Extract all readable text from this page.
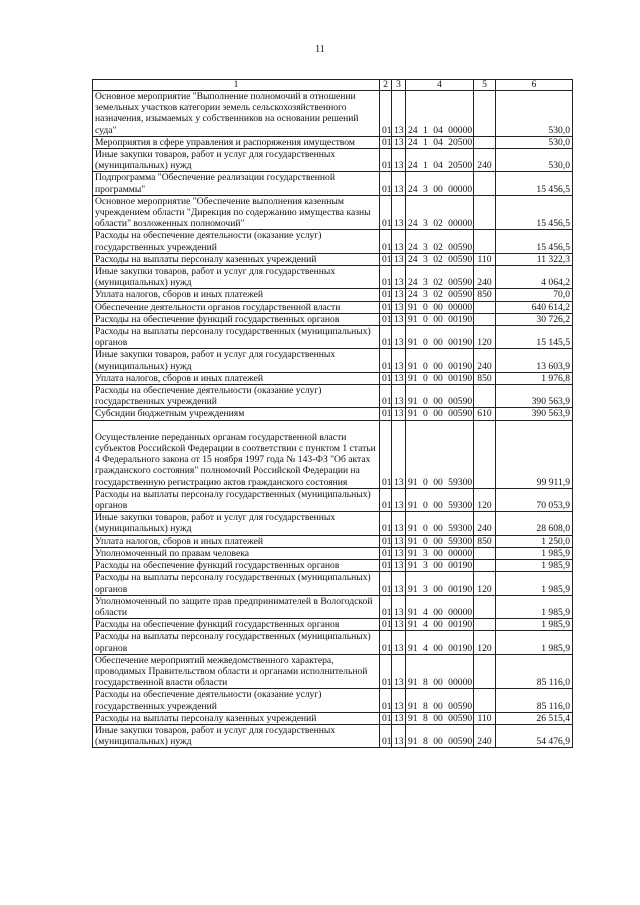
11
1	2	3	4	5	6
Основное мероприятие "Выполнение полномочий в отношении земельных участков категории земель сельскохозяйственного назначения, изымаемых у собственников на основании решений суда"	01	13	24 1 04 00000		530,0
Мероприятия в сфере управления и распоряжения имуществом	01	13	24 1 04 20500		530,0
Иные закупки товаров, работ и услуг для государственных (муниципальных) нужд	01	13	24 1 04 20500	240	530,0
Подпрограмма "Обеспечение реализации государственной программы"	01	13	24 3 00 00000		15 456,5
Основное мероприятие "Обеспечение выполнения казенным учреждением области "Дирекция по содержанию имущества казны области" возложенных полномочий"	01	13	24 3 02 00000		15 456,5
Расходы на обеспечение деятельности (оказание услуг) государственных учреждений	01	13	24 3 02 00590		15 456,5
Расходы на выплаты персоналу казенных учреждений	01	13	24 3 02 00590	110	11 322,3
Иные закупки товаров, работ и услуг для государственных (муниципальных) нужд	01	13	24 3 02 00590	240	4 064,2
Уплата налогов, сборов и иных платежей	01	13	24 3 02 00590	850	70,0
Обеспечение деятельности органов государственной власти	01	13	91 0 00 00000		640 614,2
Расходы на обеспечение функций государственных органов	01	13	91 0 00 00190		30 726,2
Расходы на выплаты персоналу государственных (муниципальных) органов	01	13	91 0 00 00190	120	15 145,5
Иные закупки товаров, работ и услуг для государственных (муниципальных) нужд	01	13	91 0 00 00190	240	13 603,9
Уплата налогов, сборов и иных платежей	01	13	91 0 00 00190	850	1 976,8
Расходы на обеспечение деятельности (оказание услуг) государственных учреждений	01	13	91 0 00 00590		390 563,9
Субсидии бюджетным учреждениям	01	13	91 0 00 00590	610	390 563,9
Осуществление переданных органам государственной власти субъектов Российской Федерации в соответствии с пунктом 1 статьи 4 Федерального закона от 15 ноября 1997 года № 143-ФЗ "Об актах гражданского состояния" полномочий Российской Федерации на государственную регистрацию актов гражданского состояния	01	13	91 0 00 59300		99 911,9
Расходы на выплаты персоналу государственных (муниципальных) органов	01	13	91 0 00 59300	120	70 053,9
Иные закупки товаров, работ и услуг для государственных (муниципальных) нужд	01	13	91 0 00 59300	240	28 608,0
Уплата налогов, сборов и иных платежей	01	13	91 0 00 59300	850	1 250,0
Уполномоченный по правам человека	01	13	91 3 00 00000		1 985,9
Расходы на обеспечение функций государственных органов	01	13	91 3 00 00190		1 985,9
Расходы на выплаты персоналу государственных (муниципальных) органов	01	13	91 3 00 00190	120	1 985,9
Уполномоченный по защите прав предпринимателей в Вологодской области	01	13	91 4 00 00000		1 985,9
Расходы на обеспечение функций государственных органов	01	13	91 4 00 00190		1 985,9
Расходы на выплаты персоналу государственных (муниципальных) органов	01	13	91 4 00 00190	120	1 985,9
Обеспечение мероприятий межведомственного характера, проводимых Правительством области и органами исполнительной государственной власти области	01	13	91 8 00 00000		85 116,0
Расходы на обеспечение деятельности (оказание услуг) государственных учреждений	01	13	91 8 00 00590		85 116,0
Расходы на выплаты персоналу казенных учреждений	01	13	91 8 00 00590	110	26 515,4
Иные закупки товаров, работ и услуг для государственных (муниципальных) нужд	01	13	91 8 00 00590	240	54 476,9
